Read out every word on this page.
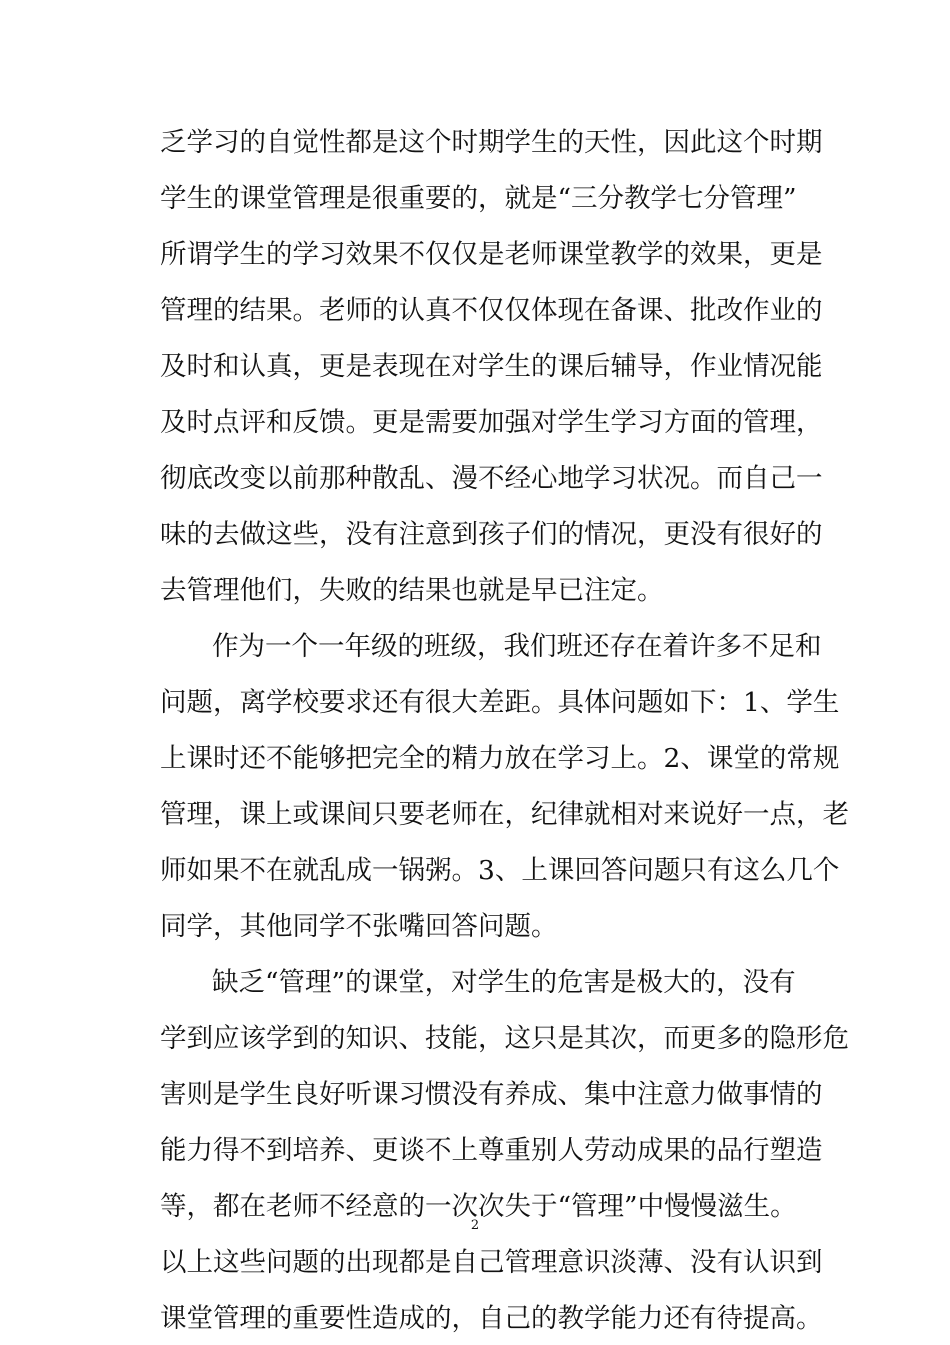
乏学习的自觉性都是这个时期学生的天性，因此这个时期
学生的课堂管理是很重要的，就是“三分教学七分管理”
所谓学生的学习效果不仅仅是老师课堂教学的效果，更是
管理的结果。老师的认真不仅仅体现在备课、批改作业的
及时和认真，更是表现在对学生的课后辅导，作业情况能
及时点评和反馈。更是需要加强对学生学习方面的管理，
彻底改变以前那种散乱、漫不经心地学习状况。而自己一
味的去做这些，没有注意到孩子们的情况，更没有很好的
去管理他们，失败的结果也就是早已注定。
作为一个一年级的班级，我们班还存在着许多不足和
问题，离学校要求还有很大差距。具体问题如下：1、学生
上课时还不能够把完全的精力放在学习上。2、课堂的常规
管理，课上或课间只要老师在，纪律就相对来说好一点，老
师如果不在就乱成一锅粥。3、上课回答问题只有这么几个
同学，其他同学不张嘴回答问题。
缺乏“管理”的课堂，对学生的危害是极大的，没有
学到应该学到的知识、技能，这只是其次，而更多的隐形危
害则是学生良好听课习惯没有养成、集中注意力做事情的
能力得不到培养、更谈不上尊重别人劳动成果的品行塑造
等，都在老师不经意的一次次失于“管理”中慢慢滋生。
以上这些问题的出现都是自己管理意识淡薄、没有认识到
课堂管理的重要性造成的，自己的教学能力还有待提高。
2
